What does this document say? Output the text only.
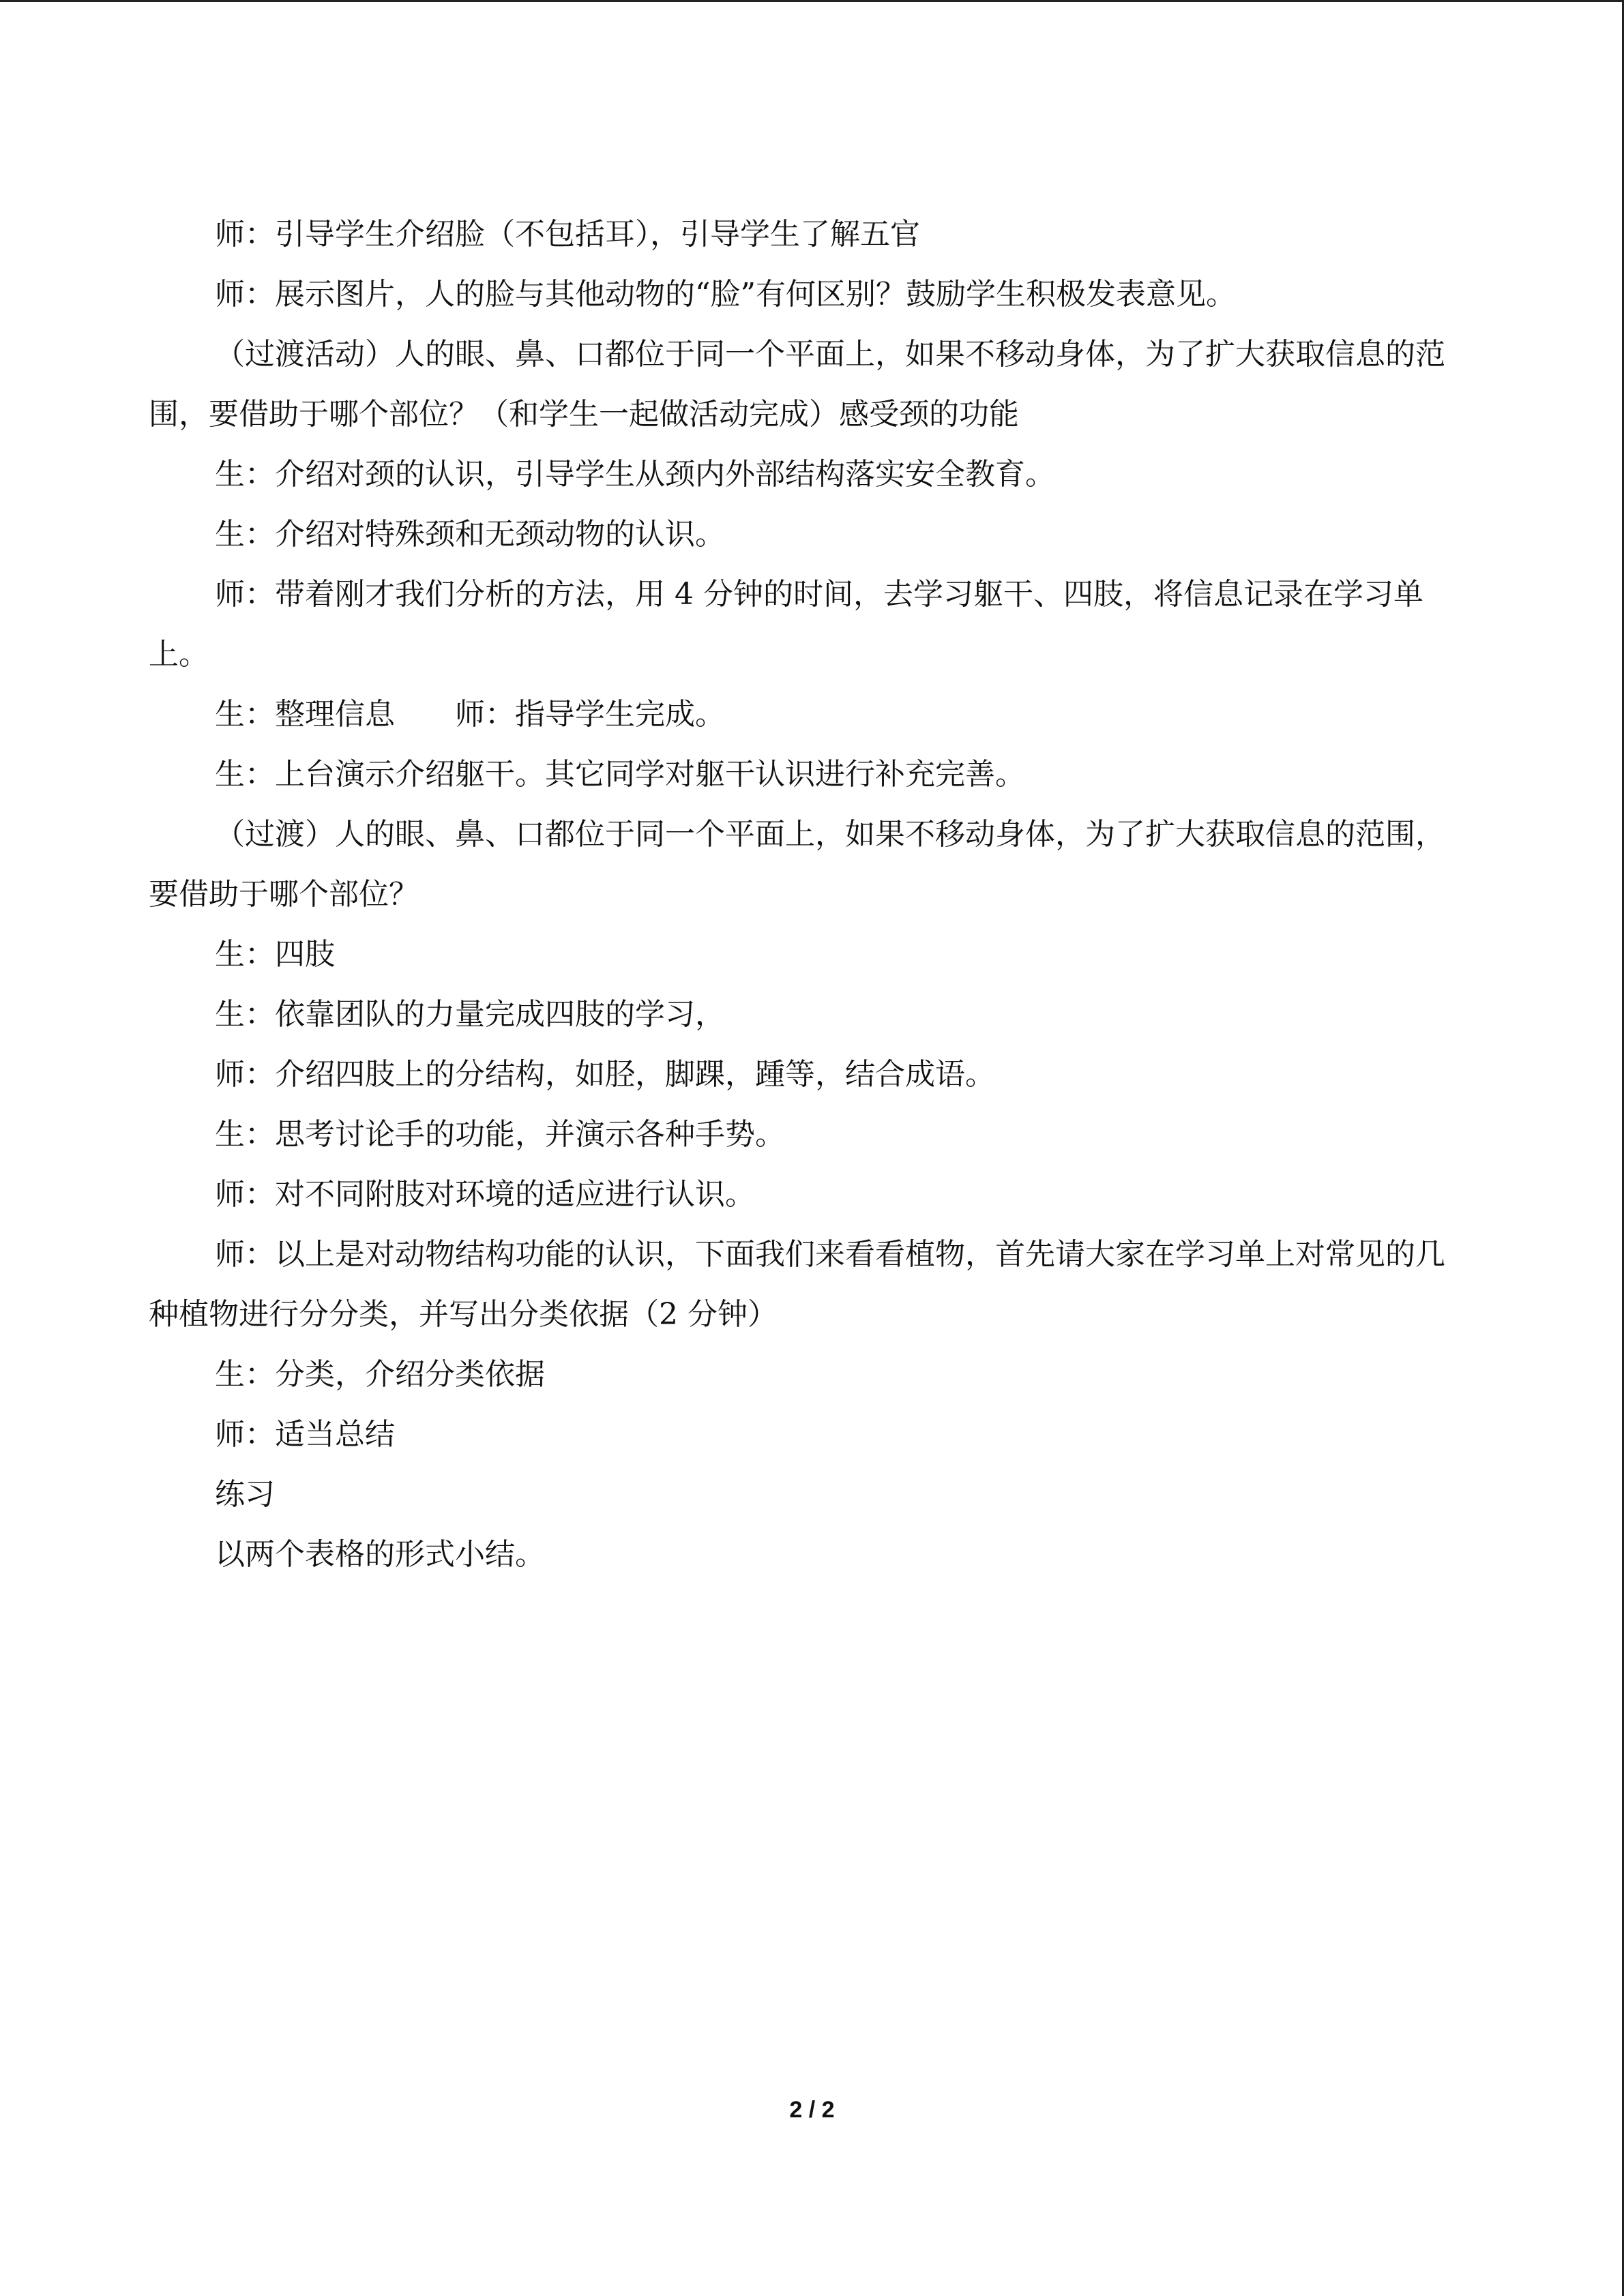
师：引导学生介绍脸（不包括耳），引导学生了解五官

师：展示图片，人的脸与其他动物的“脸”有何区别？鼓励学生积极发表意见。

（过渡活动）人的眼、鼻、口都位于同一个平面上，如果不移动身体，为了扩大获取信息的范围，要借助于哪个部位？（和学生一起做活动完成）感受颈的功能

生：介绍对颈的认识，引导学生从颈内外部结构落实安全教育。

生：介绍对特殊颈和无颈动物的认识。

师：带着刚才我们分析的方法，用 4 分钟的时间，去学习躯干、四肢，将信息记录在学习单上。

生：整理信息　　师：指导学生完成。

生：上台演示介绍躯干。其它同学对躯干认识进行补充完善。

（过渡）人的眼、鼻、口都位于同一个平面上，如果不移动身体，为了扩大获取信息的范围，要借助于哪个部位？

生：四肢

生：依靠团队的力量完成四肢的学习，

师：介绍四肢上的分结构，如胫，脚踝，踵等，结合成语。

生：思考讨论手的功能，并演示各种手势。

师：对不同附肢对环境的适应进行认识。

师：以上是对动物结构功能的认识，下面我们来看看植物，首先请大家在学习单上对常见的几种植物进行分分类，并写出分类依据（2 分钟）

生：分类，介绍分类依据

师：适当总结

练习

以两个表格的形式小结。

2 / 2
